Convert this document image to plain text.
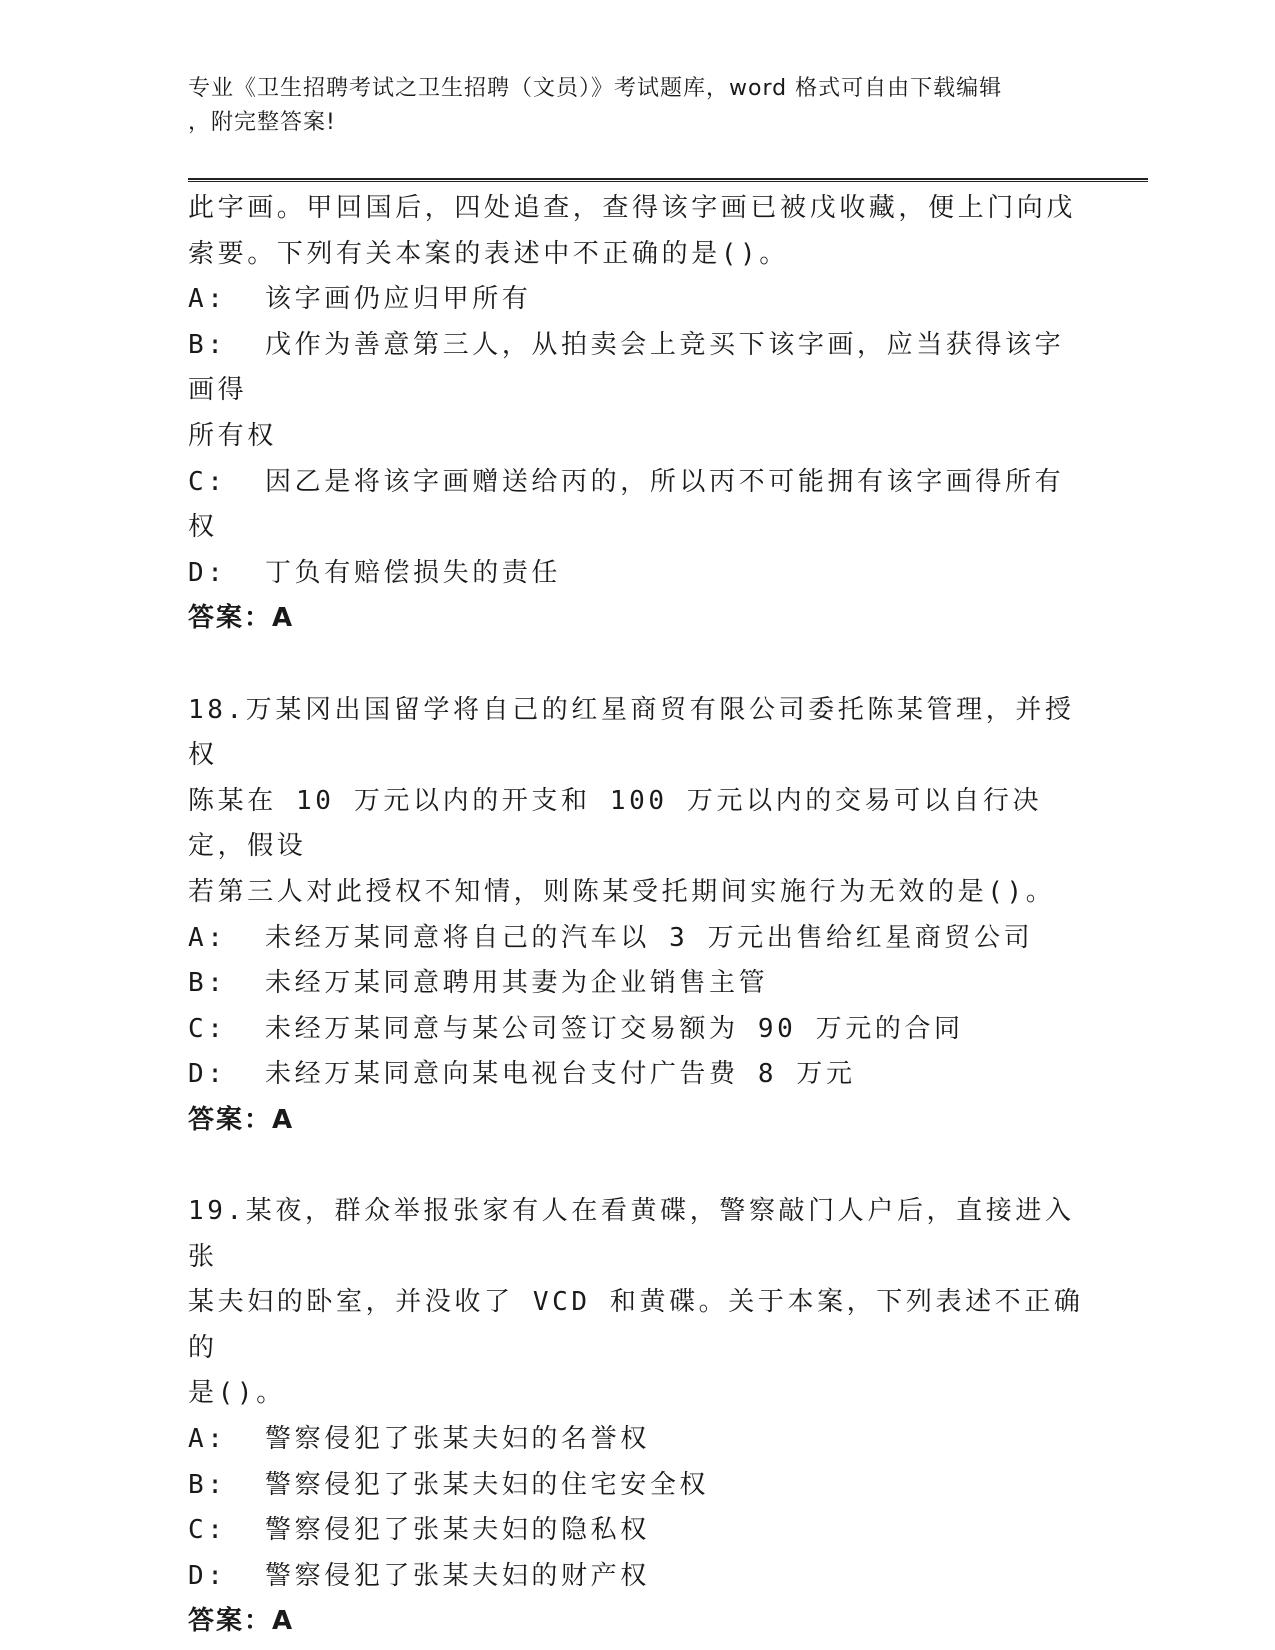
专业《卫生招聘考试之卫生招聘（文员）》考试题库，word 格式可自由下载编辑
，附完整答案!
此字画。甲回国后，四处追查，查得该字画已被戊收藏，便上门向戊
索要。下列有关本案的表述中不正确的是()。
A:  该字画仍应归甲所有
B:  戊作为善意第三人，从拍卖会上竞买下该字画，应当获得该字画得
所有权
C:  因乙是将该字画赠送给丙的，所以丙不可能拥有该字画得所有权
D:  丁负有赔偿损失的责任
答案：A
18.万某冈出国留学将自己的红星商贸有限公司委托陈某管理，并授权
陈某在 10 万元以内的开支和 100 万元以内的交易可以自行决定，假设
若第三人对此授权不知情，则陈某受托期间实施行为无效的是()。
A:  未经万某同意将自己的汽车以 3 万元出售给红星商贸公司
B:  未经万某同意聘用其妻为企业销售主管
C:  未经万某同意与某公司签订交易额为 90 万元的合同
D:  未经万某同意向某电视台支付广告费 8 万元
答案：A
19.某夜，群众举报张家有人在看黄碟，警察敲门人户后，直接进入张
某夫妇的卧室，并没收了 VCD 和黄碟。关于本案，下列表述不正确的
是()。
A:  警察侵犯了张某夫妇的名誉权
B:  警察侵犯了张某夫妇的住宅安全权
C:  警察侵犯了张某夫妇的隐私权
D:  警察侵犯了张某夫妇的财产权
答案：A
